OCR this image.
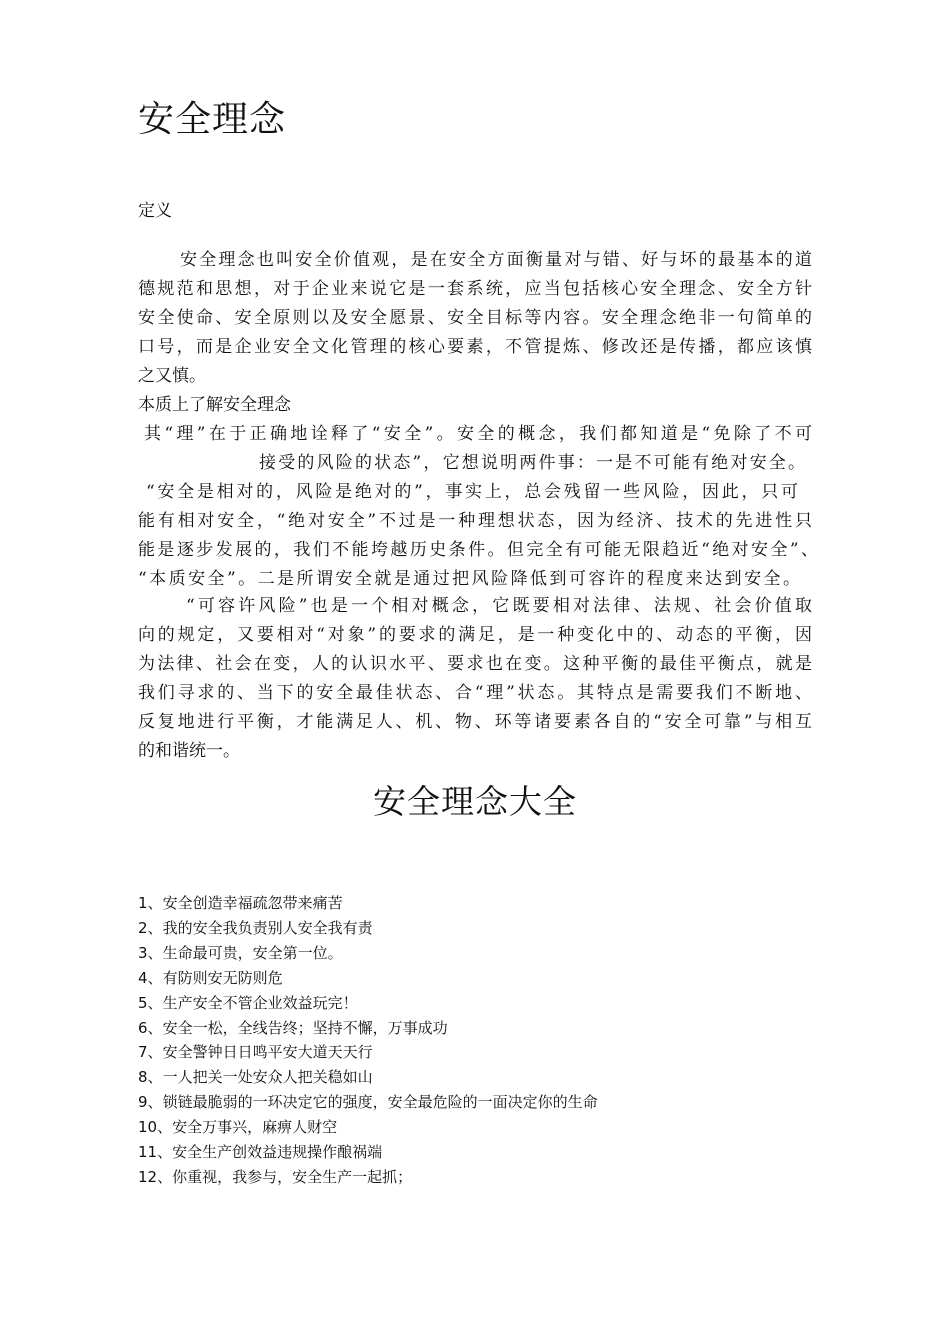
安全理念
定义

安全理念也叫安全价值观，是在安全方面衡量对与错、好与坏的最基本的道

德规范和思想，对于企业来说它是一套系统，应当包括核心安全理念、安全方针

安全使命、安全原则以及安全愿景、安全目标等内容。安全理念绝非一句简单的

口号，而是企业安全文化管理的核心要素，不管提炼、修改还是传播，都应该慎

之又慎。

本质上了解安全理念

其“理”在于正确地诠释了“安全”。安全的概念，我们都知道是“免除了不可

接受的风险的状态”，它想说明两件事：一是不可能有绝对安全。

“安全是相对的，风险是绝对的”，事实上，总会残留一些风险，因此，只可

能有相对安全，“绝对安全”不过是一种理想状态，因为经济、技术的先进性只

能是逐步发展的，我们不能垮越历史条件。但完全有可能无限趋近“绝对安全”、

“本质安全”。二是所谓安全就是通过把风险降低到可容许的程度来达到安全。

“可容许风险”也是一个相对概念，它既要相对法律、法规、社会价值取

向的规定，又要相对“对象”的要求的满足，是一种变化中的、动态的平衡，因

为法律、社会在变，人的认识水平、要求也在变。这种平衡的最佳平衡点，就是

我们寻求的、当下的安全最佳状态、合“理”状态。其特点是需要我们不断地、

反复地进行平衡，才能满足人、机、物、环等诸要素各自的“安全可靠”与相互

的和谐统一。

安全理念大全
1、安全创造幸福疏忽带来痛苦
2、我的安全我负责别人安全我有责
3、生命最可贵，安全第一位。
4、有防则安无防则危
5、生产安全不管企业效益玩完！
6、安全一松，全线告终；坚持不懈，万事成功
7、安全警钟日日鸣平安大道天天行
8、一人把关一处安众人把关稳如山
9、锁链最脆弱的一环决定它的强度，安全最危险的一面决定你的生命
10、安全万事兴，麻痹人财空
11、安全生产创效益违规操作酿祸端
12、你重视，我参与，安全生产一起抓；
